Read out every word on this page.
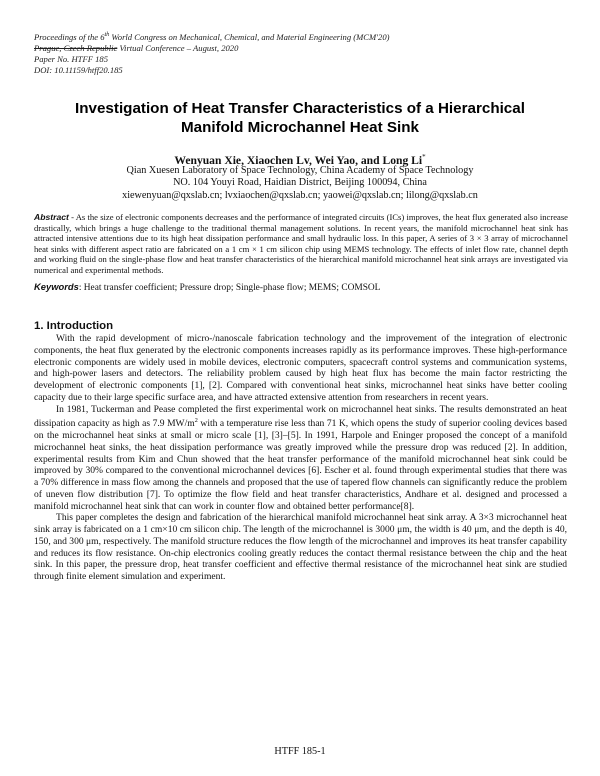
Proceedings of the 6th World Congress on Mechanical, Chemical, and Material Engineering (MCM'20)
Prague, Czech Republic Virtual Conference – August, 2020
Paper No. HTFF 185
DOI: 10.11159/htff20.185
Investigation of Heat Transfer Characteristics of a Hierarchical
Manifold Microchannel Heat Sink
Wenyuan Xie, Xiaochen Lv, Wei Yao, and Long Li*
Qian Xuesen Laboratory of Space Technology, China Academy of Space Technology
NO. 104 Youyi Road, Haidian District, Beijing 100094, China
xiewenyuan@qxslab.cn; lvxiaochen@qxslab.cn; yaowei@qxslab.cn; lilong@qxslab.cn
Abstract - As the size of electronic components decreases and the performance of integrated circuits (ICs) improves, the heat flux generated also increase drastically, which brings a huge challenge to the traditional thermal management solutions. In recent years, the manifold microchannel heat sink has attracted intensive attentions due to its high heat dissipation performance and small hydraulic loss. In this paper, A series of 3 × 3 array of microchannel heat sinks with different aspect ratio are fabricated on a 1 cm × 1 cm silicon chip using MEMS technology. The effects of inlet flow rate, channel depth and working fluid on the single-phase flow and heat transfer characteristics of the hierarchical manifold microchannel heat sink arrays are investigated via numerical and experimental methods.
Keywords: Heat transfer coefficient; Pressure drop; Single-phase flow; MEMS; COMSOL
1. Introduction

With the rapid development of micro-/nanoscale fabrication technology and the improvement of the integration of electronic components, the heat flux generated by the electronic components increases rapidly as its performance improves. These high-performance electronic components are widely used in mobile devices, electronic computers, spacecraft control systems and communication systems, and high-power lasers and detectors. The reliability problem caused by high heat flux has become the main factor restricting the development of electronic components [1], [2]. Compared with conventional heat sinks, microchannel heat sinks have better cooling capacity due to their large specific surface area, and have attracted extensive attention from researchers in recent years.

In 1981, Tuckerman and Pease completed the first experimental work on microchannel heat sinks. The results demonstrated an heat dissipation capacity as high as 7.9 $MW/m^2$ with a temperature rise less than 71 K, which opens the study of superior cooling devices based on the microchannel heat sinks at small or micro scale [1], [3]–[5]. In 1991, Harpole and Eninger proposed the concept of a manifold microchannel heat sinks, the heat dissipation performance was greatly improved while the pressure drop was reduced [2]. In addition, experimental results from Kim and Chun showed that the heat transfer performance of the manifold microchannel heat sink could be improved by 30% compared to the conventional microchannel devices [6]. Escher et al. found through experimental studies that there was a 70% difference in mass flow among the channels and proposed that the use of tapered flow channels can significantly reduce the problem of uneven flow distribution [7]. To optimize the flow field and heat transfer characteristics, Andhare et al. designed and processed a manifold microchannel heat sink that can work in counter flow and obtained better performance[8].

This paper completes the design and fabrication of the hierarchical manifold microchannel heat sink array. A 3×3 microchannel heat sink array is fabricated on a 1 cm×10 cm silicon chip. The length of the microchannel is 3000 μm, the width is 40 μm, and the depth is 40, 150, and 300 μm, respectively. The manifold structure reduces the flow length of the microchannel and improves its heat transfer capability and reduces its flow resistance. On-chip electronics cooling greatly reduces the contact thermal resistance between the chip and the heat sink. In this paper, the pressure drop, heat transfer coefficient and effective thermal resistance of the microchannel heat sink are studied through finite element simulation and experiment.

HTFF 185-1
